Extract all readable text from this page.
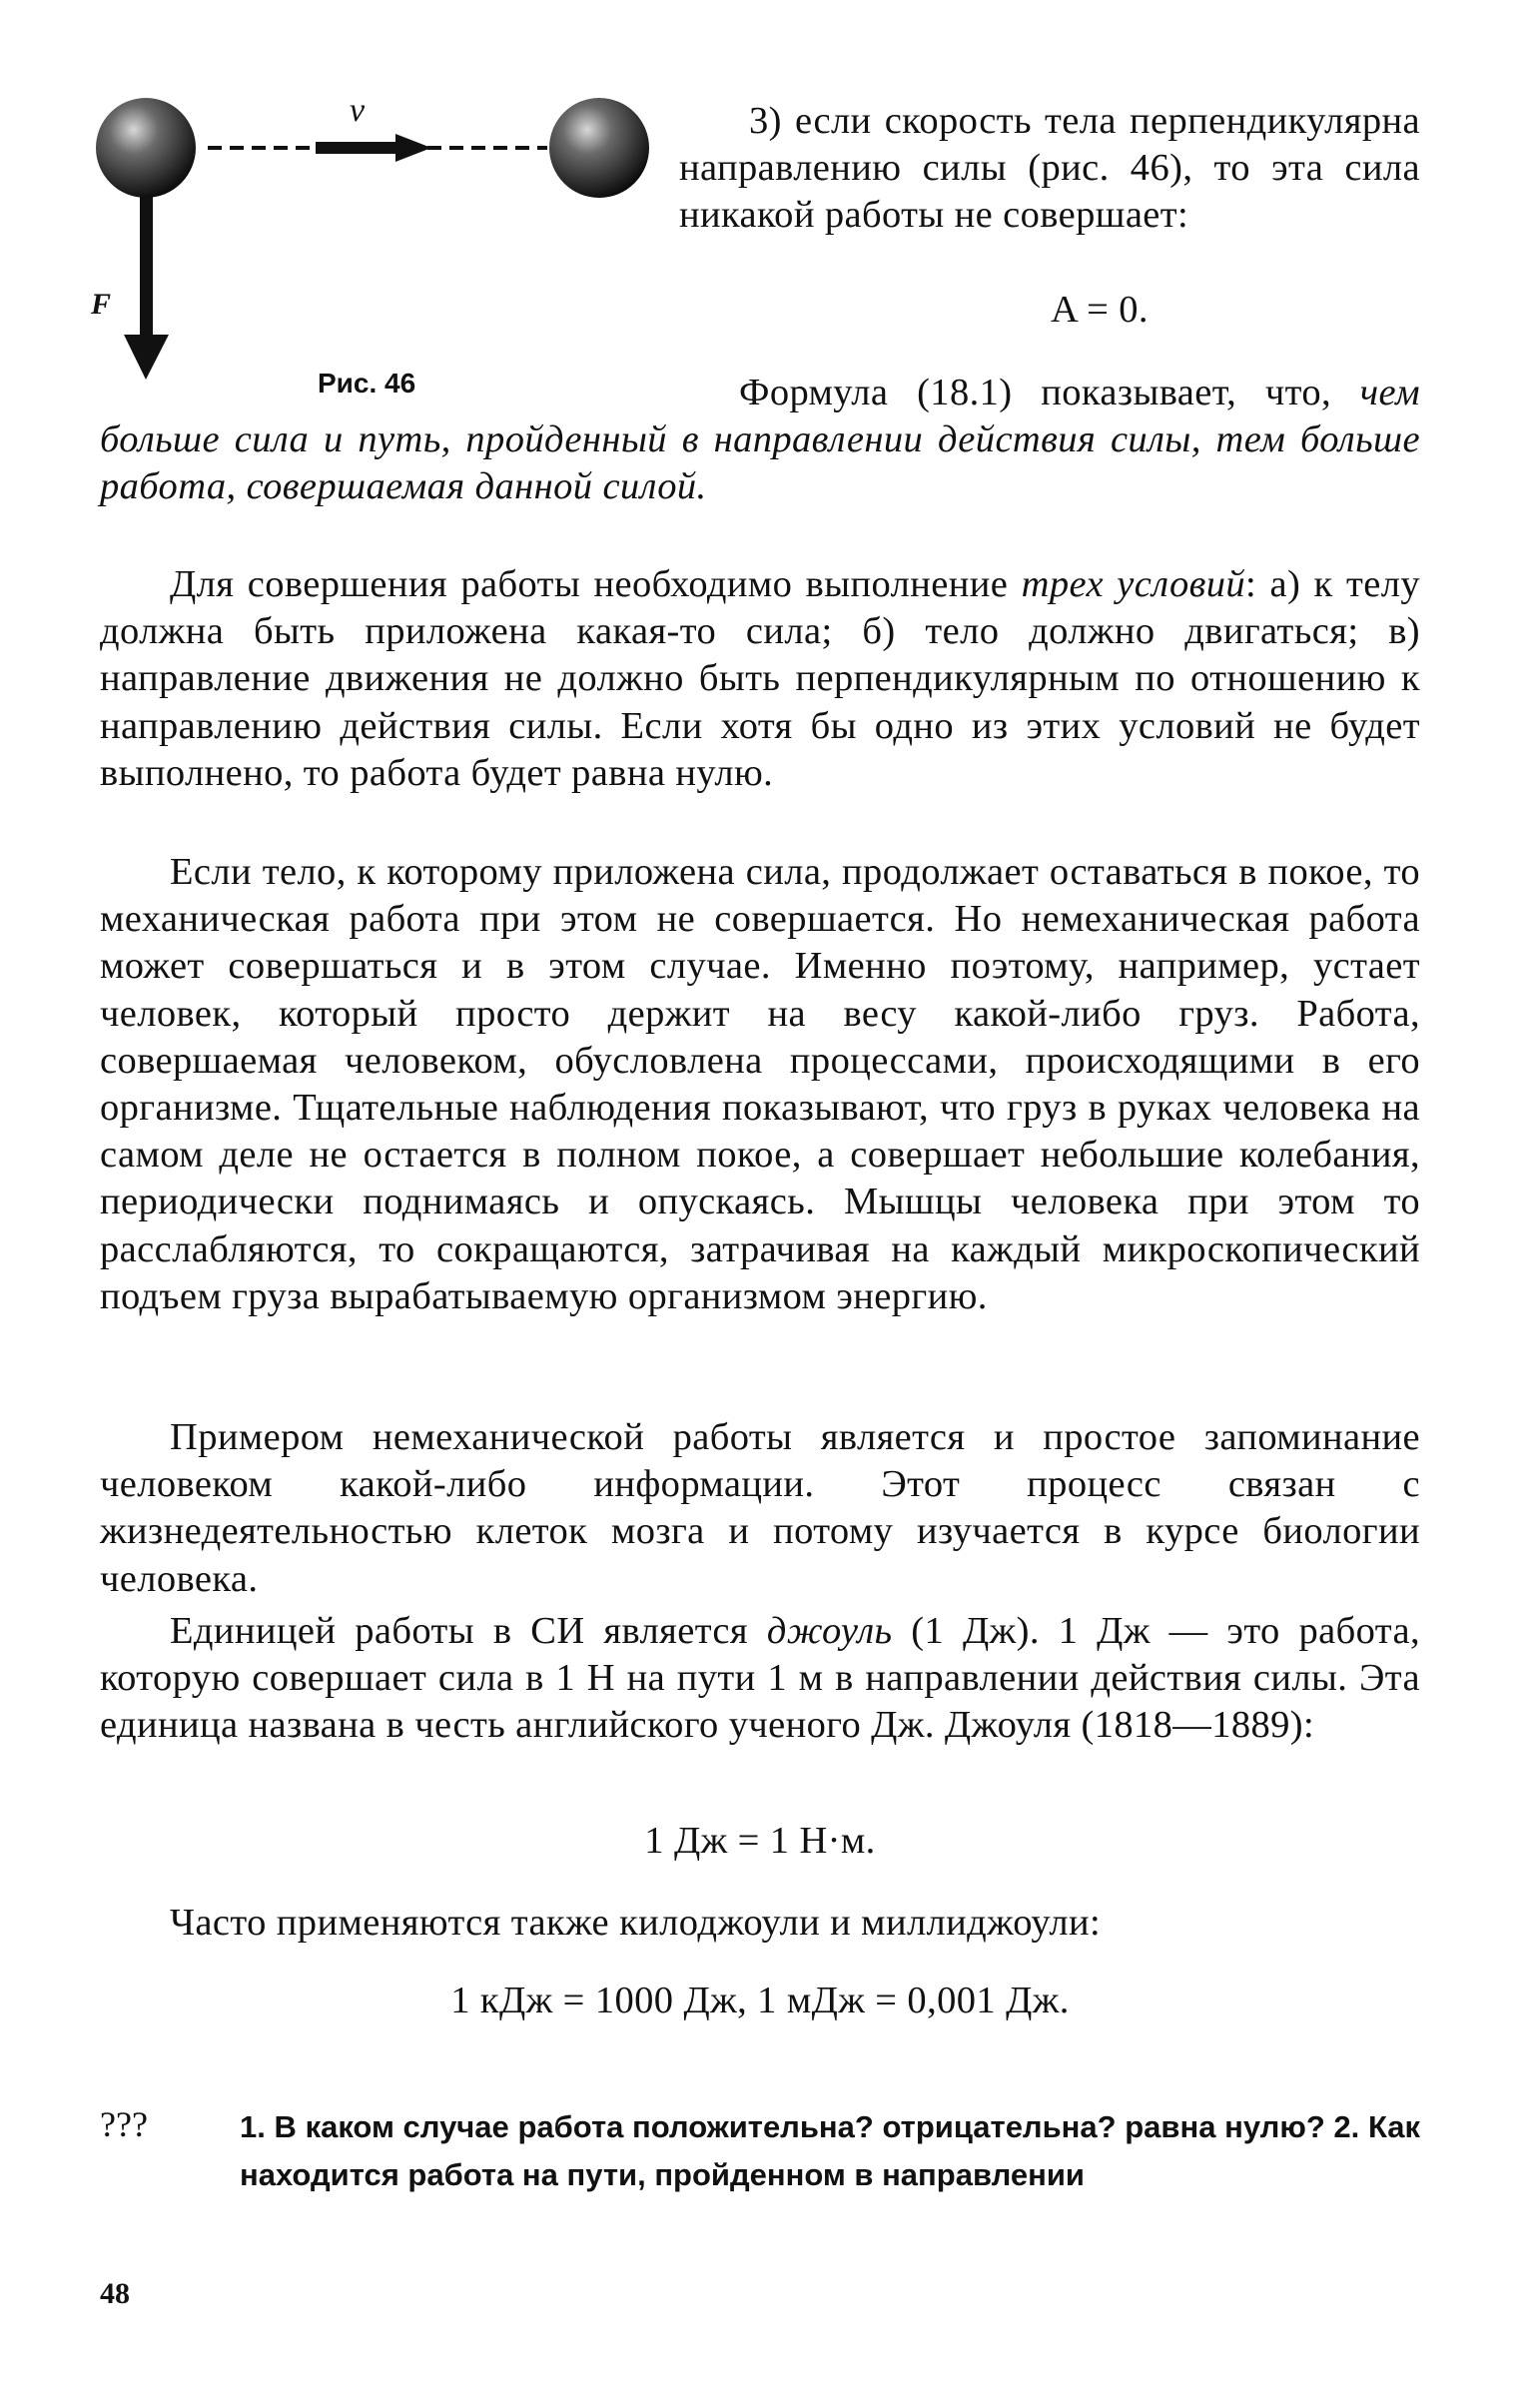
v
F
Рис. 46

3) если скорость тела перпендикулярна направлению силы (рис. 46), то эта сила никакой работы не совершает:

A = 0.

Формула (18.1) показывает, что, чем больше сила и путь, пройденный в направлении действия силы, тем больше работа, совершаемая данной силой.

Для совершения работы необходимо выполнение трех условий: а) к телу должна быть приложена какая-то сила; б) тело должно двигаться; в) направление движения не должно быть перпендикулярным по отношению к направлению действия силы. Если хотя бы одно из этих условий не будет выполнено, то работа будет равна нулю.

Если тело, к которому приложена сила, продолжает оставаться в покое, то механическая работа при этом не совершается. Но немеханическая работа может совершаться и в этом случае. Именно поэтому, например, устает человек, который просто держит на весу какой-либо груз. Работа, совершаемая человеком, обусловлена процессами, происходящими в его организме. Тщательные наблюдения показывают, что груз в руках человека на самом деле не остается в полном покое, а совершает небольшие колебания, периодически поднимаясь и опускаясь. Мышцы человека при этом то расслабляются, то сокращаются, затрачивая на каждый микроскопический подъем груза вырабатываемую организмом энергию.

Примером немеханической работы является и простое запоминание человеком какой-либо информации. Этот процесс связан с жизнедеятельностью клеток мозга и потому изучается в курсе биологии человека.

Единицей работы в СИ является джоуль (1 Дж). 1 Дж — это работа, которую совершает сила в 1 Н на пути 1 м в направлении действия силы. Эта единица названа в честь английского ученого Дж. Джоуля (1818—1889):

1 Дж = 1 Н·м.

Часто применяются также килоджоули и миллиджоули:

1 кДж = 1000 Дж, 1 мДж = 0,001 Дж.

???	1. В каком случае работа положительна? отрицательна? равна нулю? 2. Как находится работа на пути, пройденном в направлении

48
